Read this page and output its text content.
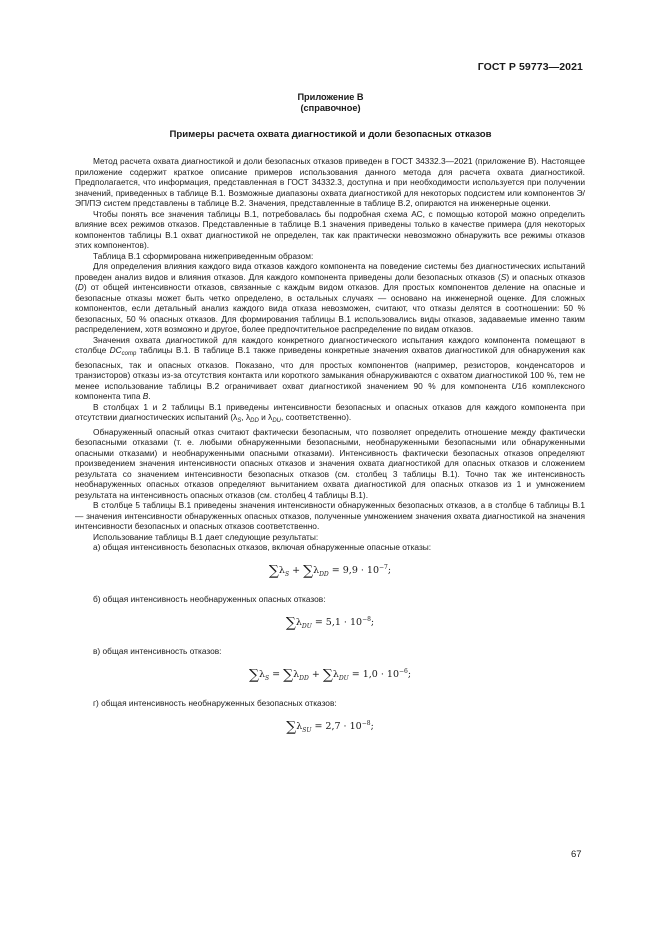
ГОСТ Р 59773—2021
Приложение В
(справочное)
Примеры расчета охвата диагностикой и доли безопасных отказов

Метод расчета охвата диагностикой и доли безопасных отказов приведен в ГОСТ 34332.3—2021 (приложение В). Настоящее приложение содержит краткое описание примеров использования данного метода для расчета охвата диагностикой. Предполагается, что информация, представленная в ГОСТ 34332.3, доступна и при необходимости используется при получении значений, приведенных в таблице В.1. Возможные диапазоны охвата диагностикой для некоторых подсистем или компонентов Э/ЭП/ПЭ систем представлены в таблице В.2. Значения, представленные в таблице В.2, опираются на инженерные оценки.

Чтобы понять все значения таблицы В.1, потребовалась бы подробная схема АС, с помощью которой можно определить влияние всех режимов отказов. Представленные в таблице В.1 значения приведены только в качестве примера (для некоторых компонентов таблицы В.1 охват диагностикой не определен, так как практически невозможно обнаружить все режимы отказов этих компонентов).

Таблица В.1 сформирована нижеприведенным образом:

Для определения влияния каждого вида отказов каждого компонента на поведение системы без диагностических испытаний проведен анализ видов и влияния отказов. Для каждого компонента приведены доли безопасных отказов (S) и опасных отказов (D) от общей интенсивности отказов, связанные с каждым видом отказов. Для простых компонентов деление на опасные и безопасные отказы может быть четко определено, в остальных случаях — основано на инженерной оценке. Для сложных компонентов, если детальный анализ каждого вида отказа невозможен, считают, что отказы делятся в соотношении: 50 % безопасных, 50 % опасных отказов. Для формирования таблицы В.1 использовались виды отказов, задаваемые именно таким распределением, хотя возможно и другое, более предпочтительное распределение по видам отказов.

Значения охвата диагностикой для каждого конкретного диагностического испытания каждого компонента помещают в столбце $DC_{comp}$ таблицы В.1. В таблице В.1 также приведены конкретные значения охватов диагностикой для обнаружения как безопасных, так и опасных отказов. Показано, что для простых компонентов (например, резисторов, конденсаторов и транзисторов) отказы из-за отсутствия контакта или короткого замыкания обнаруживаются с охватом диагностикой 100 %, тем не менее использование таблицы В.2 ограничивает охват диагностикой значением 90 % для компонента U16 комплексного компонента типа B.

В столбцах 1 и 2 таблицы В.1 приведены интенсивности безопасных и опасных отказов для каждого компонента при отсутствии диагностических испытаний ($\lambda_S$, $\lambda_{DD}$ и $\lambda_{DU}$, соответственно).

Обнаруженный опасный отказ считают фактически безопасным, что позволяет определить отношение между фактически безопасными отказами (т. е. любыми обнаруженными безопасными, необнаруженными безопасными или обнаруженными опасными отказами) и необнаруженными опасными отказами). Интенсивность фактически безопасных отказов определяют произведением значения интенсивности опасных отказов и значения охвата диагностикой для опасных отказов и сложением результата со значением интенсивности безопасных отказов (см. столбец 3 таблицы В.1). Точно так же интенсивность необнаруженных опасных отказов определяют вычитанием охвата диагностикой для опасных отказов из 1 и умножением результата на интенсивность опасных отказов (см. столбец 4 таблицы В.1).

В столбце 5 таблицы В.1 приведены значения интенсивности обнаруженных безопасных отказов, а в столбце 6 таблицы В.1 — значения интенсивности обнаруженных опасных отказов, полученные умножением значения охвата диагностикой на значения интенсивности безопасных и опасных отказов соответственно.

Использование таблицы В.1 дает следующие результаты:

а) общая интенсивность безопасных отказов, включая обнаруженные опасные отказы:

$\sum\lambda_S + \sum\lambda_{DD} = 9,9 \cdot 10^{-7}$;

б) общая интенсивность необнаруженных опасных отказов:

$\sum\lambda_{DU} = 5,1 \cdot 10^{-8}$;

в) общая интенсивность отказов:

$\sum\lambda_S = \sum\lambda_{DD} + \sum\lambda_{DU} = 1,0 \cdot 10^{-6}$;

г) общая интенсивность необнаруженных безопасных отказов:

$\sum\lambda_{SU} = 2,7 \cdot 10^{-8}$;
67
